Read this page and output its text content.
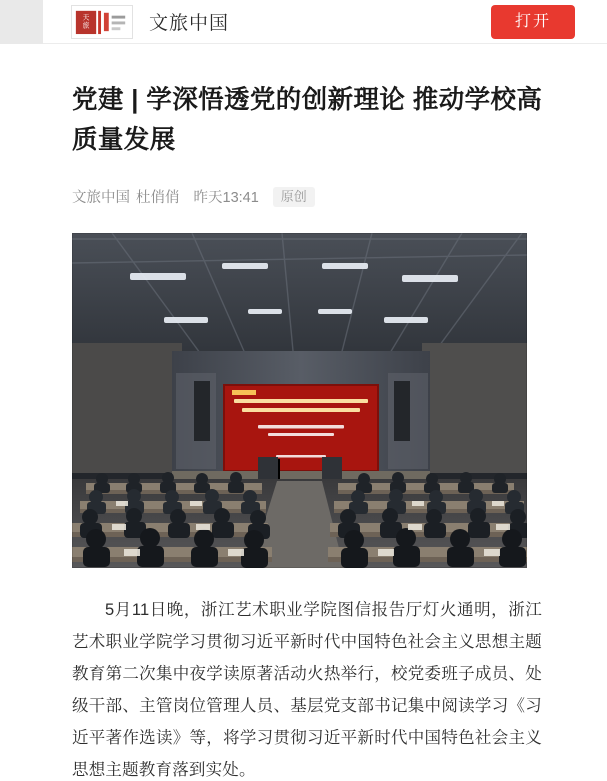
天
旅	文旅中国	打开
党建 | 学深悟透党的创新理论 推动学校高质量发展
文旅中国 杜俏俏 昨天13:41	原创

5月11日晚，浙江艺术职业学院图信报告厅灯火通明，浙江艺术职业学院学习贯彻习近平新时代中国特色社会主义思想主题教育第二次集中夜学读原著活动火热举行，校党委班子成员、处级干部、主管岗位管理人员、基层党支部书记集中阅读学习《习近平著作选读》等，将学习贯彻习近平新时代中国特色社会主义思想主题教育落到实处。
